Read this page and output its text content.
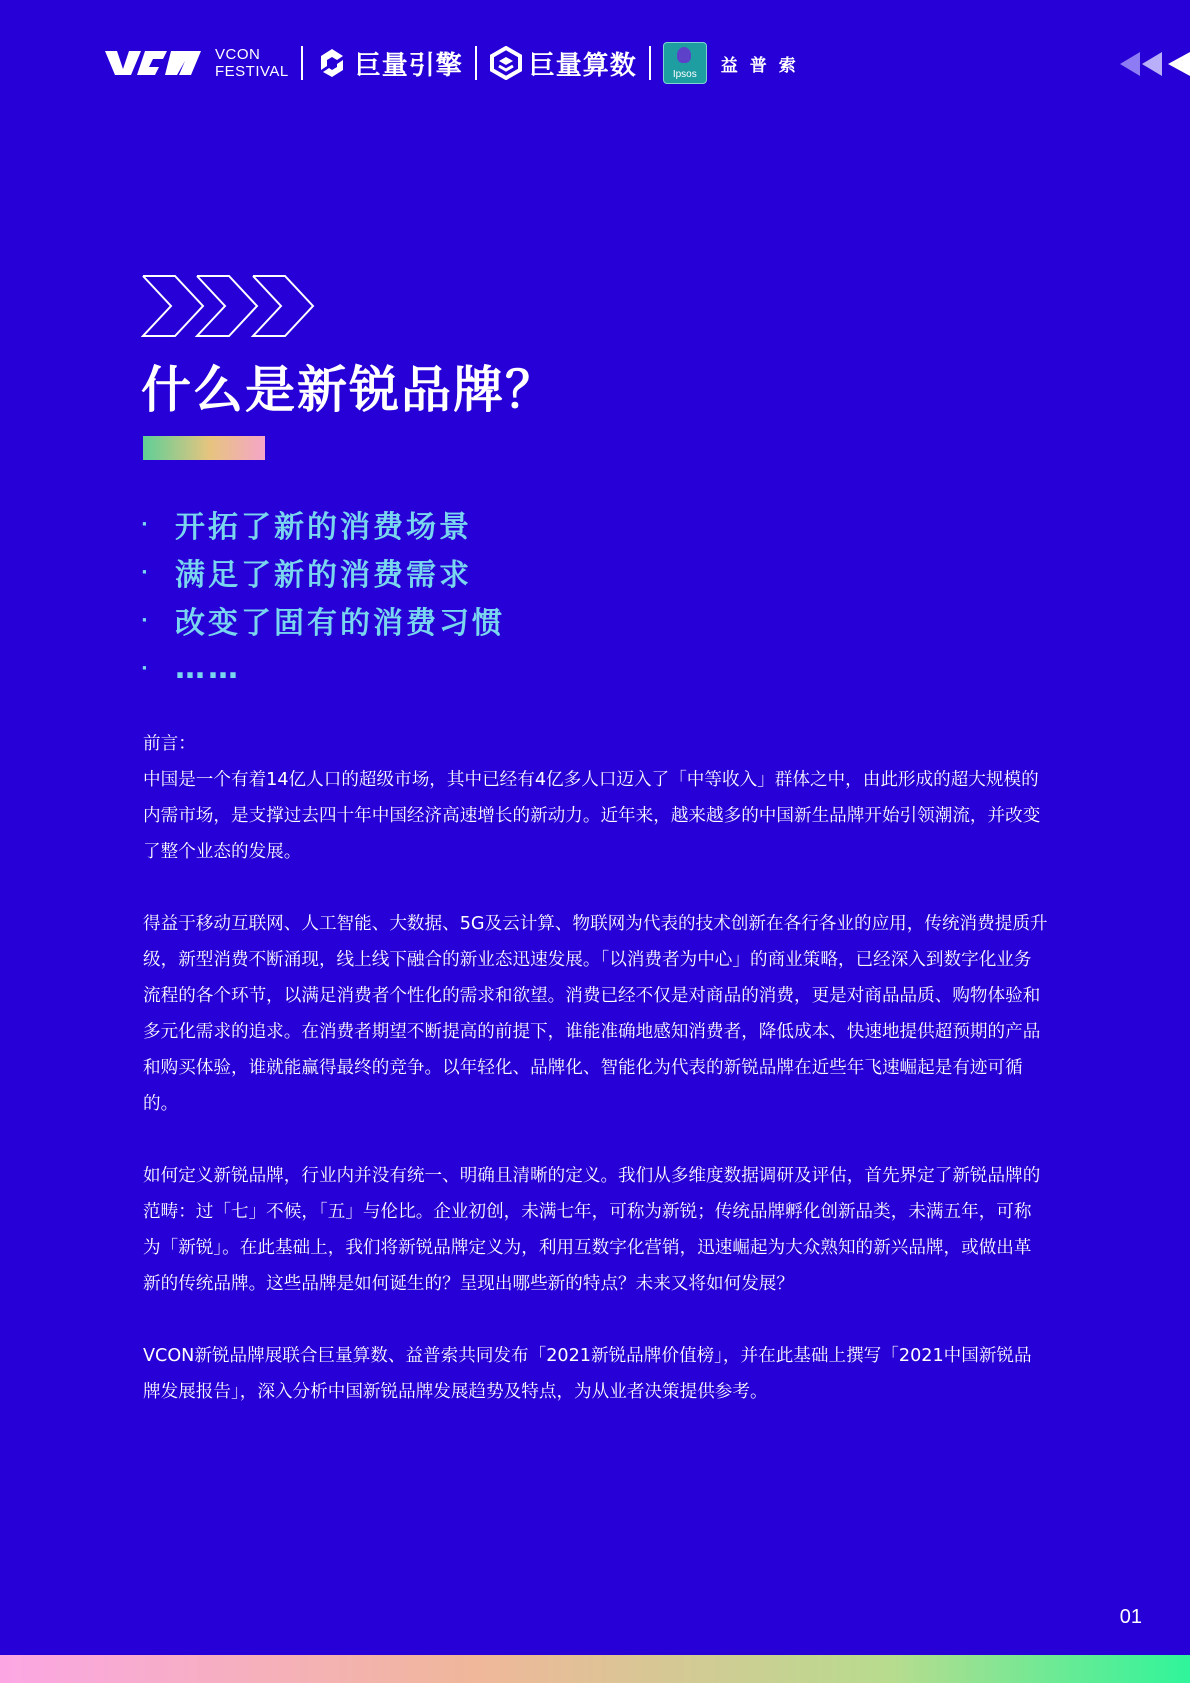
VCON
FESTIVAL	巨量引擎	巨量算数	Ipsos	益普索
什么是新锐品牌？
· 开拓了新的消费场景
· 满足了新的消费需求
· 改变了固有的消费习惯
· ……

前言：

中国是一个有着14亿人口的超级市场，其中已经有4亿多人口迈入了「中等收入」群体之中，由此形成的超大规模的内需市场，是支撑过去四十年中国经济高速增长的新动力。近年来，越来越多的中国新生品牌开始引领潮流，并改变了整个业态的发展。

得益于移动互联网、人工智能、大数据、5G及云计算、物联网为代表的技术创新在各行各业的应用，传统消费提质升级，新型消费不断涌现，线上线下融合的新业态迅速发展。「以消费者为中心」的商业策略，已经深入到数字化业务流程的各个环节，以满足消费者个性化的需求和欲望。消费已经不仅是对商品的消费，更是对商品品质、购物体验和多元化需求的追求。在消费者期望不断提高的前提下，谁能准确地感知消费者，降低成本、快速地提供超预期的产品和购买体验，谁就能赢得最终的竞争。以年轻化、品牌化、智能化为代表的新锐品牌在近些年飞速崛起是有迹可循的。

如何定义新锐品牌，行业内并没有统一、明确且清晰的定义。我们从多维度数据调研及评估，首先界定了新锐品牌的范畴：过「七」不候，「五」与伦比。企业初创，未满七年，可称为新锐；传统品牌孵化创新品类，未满五年，可称为「新锐」。在此基础上，我们将新锐品牌定义为，利用互数字化营销，迅速崛起为大众熟知的新兴品牌，或做出革新的传统品牌。这些品牌是如何诞生的？呈现出哪些新的特点？未来又将如何发展？

VCON新锐品牌展联合巨量算数、益普索共同发布「2021新锐品牌价值榜」，并在此基础上撰写「2021中国新锐品牌发展报告」，深入分析中国新锐品牌发展趋势及特点，为从业者决策提供参考。

01
